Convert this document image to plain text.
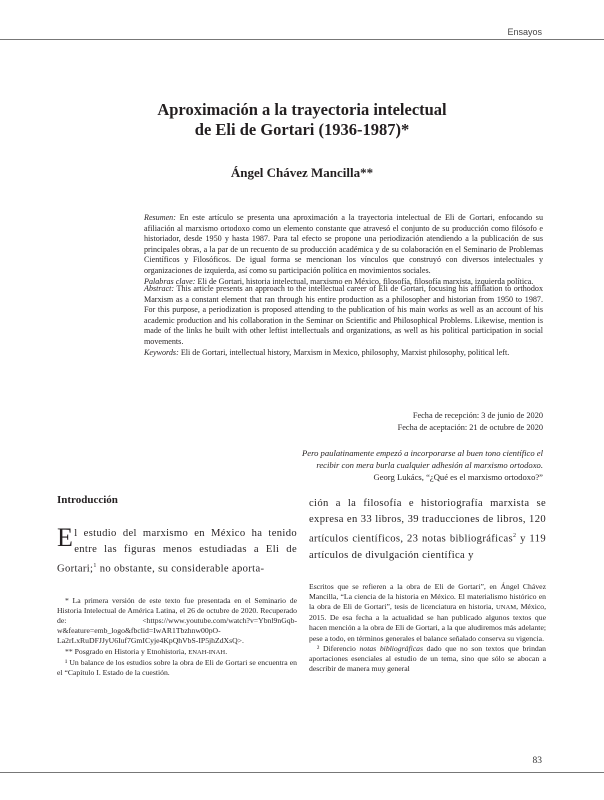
Ensayos
Aproximación a la trayectoria intelectual
de Eli de Gortari (1936-1987)*
Ángel Chávez Mancilla**

Resumen: En este artículo se presenta una aproximación a la trayectoria intelectual de Eli de Gortari, enfocando su afiliación al marxismo ortodoxo como un elemento constante que atravesó el conjunto de su producción como filósofo e historiador, desde 1950 y hasta 1987. Para tal efecto se propone una periodización atendiendo a la publicación de sus principales obras, a la par de un recuento de su producción académica y de su colaboración en el Seminario de Problemas Científicos y Filosóficos. De igual forma se mencionan los vínculos que construyó con diversos intelectuales y organizaciones de izquierda, así como su participación política en movimientos sociales.

Palabras clave: Eli de Gortari, historia intelectual, marxismo en México, filosofía, filosofía marxista, izquierda política.

Abstract: This article presents an approach to the intellectual career of Eli de Gortari, focusing his affiliation to orthodox Marxism as a constant element that ran through his entire production as a philosopher and historian from 1950 to 1987. For this purpose, a periodization is proposed attending to the publication of his main works as well as an account of his academic production and his collaboration in the Seminar on Scientific and Philosophical Problems. Likewise, mention is made of the links he built with other leftist intellectuals and organizations, as well as his political participation in social movements.

Keywords: Eli de Gortari, intellectual history, Marxism in Mexico, philosophy, Marxist philosophy, political left.

Fecha de recepción: 3 de junio de 2020
Fecha de aceptación: 21 de octubre de 2020
Pero paulatinamente empezó a incorporarse al buen tono científico el
recibir con mera burla cualquier adhesión al marxismo ortodoxo.
Georg Lukács, “¿Qué es el marxismo ortodoxo?”
Introducción

El estudio del marxismo en México ha tenido entre las figuras menos estudiadas a Eli de Gortari;$^1$ no obstante, su considerable aporta-

* La primera versión de este texto fue presentada en el Seminario de Historia Intelectual de América Latina, el 26 de octubre de 2020. Recuperado de: <https://www.youtube.com/watch?v=Ybnl9nGqb-w&feature=emb_logo&fbclid=IwAR1Tbzhnw00pO-La2rLxRuDFJJyU6Iuf7GmICyje4KpQhVbS-IP5jhZdXsQ>.

** Posgrado en Historia y Etnohistoria, ENAH-INAH.

¹ Un balance de los estudios sobre la obra de Eli de Gortari se encuentra en el “Capítulo I. Estado de la cuestión.

ción a la filosofía e historiografía marxista se expresa en 33 libros, 39 traducciones de libros, 120 artículos científicos, 23 notas bibliográficas$^2$ y 119 artículos de divulgación científica y

Escritos que se refieren a la obra de Eli de Gortari”, en Ángel Chávez Mancilla, “La ciencia de la historia en México. El materialismo histórico en la obra de Eli de Gortari”, tesis de licenciatura en historia, UNAM, México, 2015. De esa fecha a la actualidad se han publicado algunos textos que hacen mención a la obra de Eli de Gortari, a la que aludiremos más adelante; pese a todo, en términos generales el balance señalado conserva su vigencia.

² Diferencio notas bibliográficas dado que no son textos que brindan aportaciones esenciales al estudio de un tema, sino que sólo se abocan a describir de manera muy general

83
